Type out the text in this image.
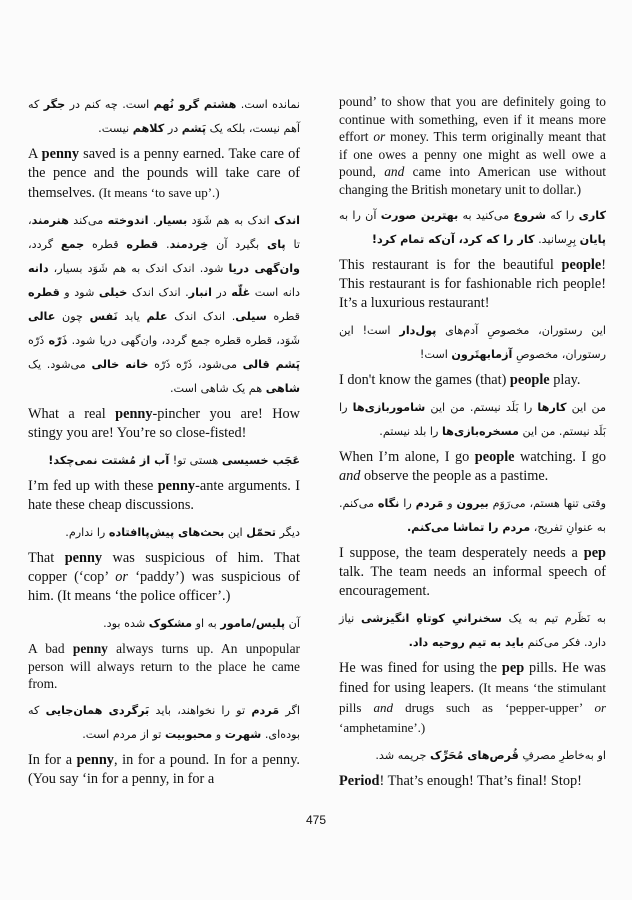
نمانده است. هشتم گرو نُهم است. چه کنم در جگر که آهم نیست، بلکه یک پَشم در کلاهم نیست.

A penny saved is a penny earned. Take care of the pence and the pounds will take care of themselves. (It means ‘to save up’.)

اندک اندک به هم شَوَد بسیار. اندوخته می‌کند هنرمند، تا پای بگیرد آن خِردمند. قطره قطره جمع گردد، وان‌گهی دریا شود. اندک اندک به هم شَوَد بسیار، دانه دانه است غلّه در انبار. اندک اندک خیلی شود و قطره قطره سیلی. اندک اندک علم یابد نَفس چون عالی شَوَد، قطره قطره جمع گردد، وان‌گهی دریا شود. ذَرّه ذَرّه پَشم قالی می‌شود، ذَرّه ذَرّه خانه خالی می‌شود. یک شاهی هم یک شاهی است.

What a real penny-pincher you are! How stingy you are! You’re so close-fisted!

عَجَب خسیسی هستی تو! آب از مُشتت نمی‌چکد!

I’m fed up with these penny-ante arguments. I hate these cheap discussions.

دیگر تحمّل این بحث‌های پیش‌پاافتاده را ندارم.

That penny was suspicious of him. That copper (‘cop’ or ‘paddy’) was suspicious of him. (It means ‘the police officer’.)

آن پلیس/مامور به او مشکوک شده بود.

A bad penny always turns up. An unpopular person will always return to the place he came from.

اگر مَردم تو را نخواهند، باید بَرگردی همان‌جایی که بوده‌ای. شهرت و محبوبیت تو از مردم است.

In for a penny, in for a pound. In for a penny. (You say ‘in for a penny, in for a

pound’ to show that you are definitely going to continue with something, even if it means more effort or money. This term originally meant that if one owes a penny one might as well owe a pound, and came into American use without changing the British monetary unit to dollar.)

کاری را که شروع می‌کنید به بهترین صورت آن را به پایان بِرِسانید. کار را که کرد، آن‌که تمام کرد!

This restaurant is for the beautiful people! This restaurant is for fashionable rich people! It’s a luxurious restaurant!

این رستوران، مخصوصِ آدم‌های پول‌دار است! این رستوران، مخصوصِ آزمابهتَرون است!

I don't know the games (that) people play.

من این کارها را بَلَد نیستم. من این شاموربازی‌ها را بَلَد نیستم. من این مسخره‌بازی‌ها را بلد نیستم.

When I’m alone, I go people watching. I go and observe the people as a pastime.

وقتی تنها هستم، می‌رَوَم بیرون و مَردم را نگاه می‌کنم. به عنوانِ تفریح، مردم را تماشا می‌کنم.

I suppose, the team desperately needs a pep talk. The team needs an informal speech of encouragement.

به نَظَرم تیم به یک سخنرانیِ کوتاهِ انگیزشی نیاز دارد. فکر می‌کنم باید به تیم روحیه داد.

He was fined for using the pep pills. He was fined for using leapers. (It means ‘the stimulant pills and drugs such as ‘pepper-upper’ or ‘amphetamine’.)

او به‌خاطرِ مصرفِ قُرص‌های مُحَرِّک جریمه شد.

Period! That’s enough! That’s final! Stop!

475
